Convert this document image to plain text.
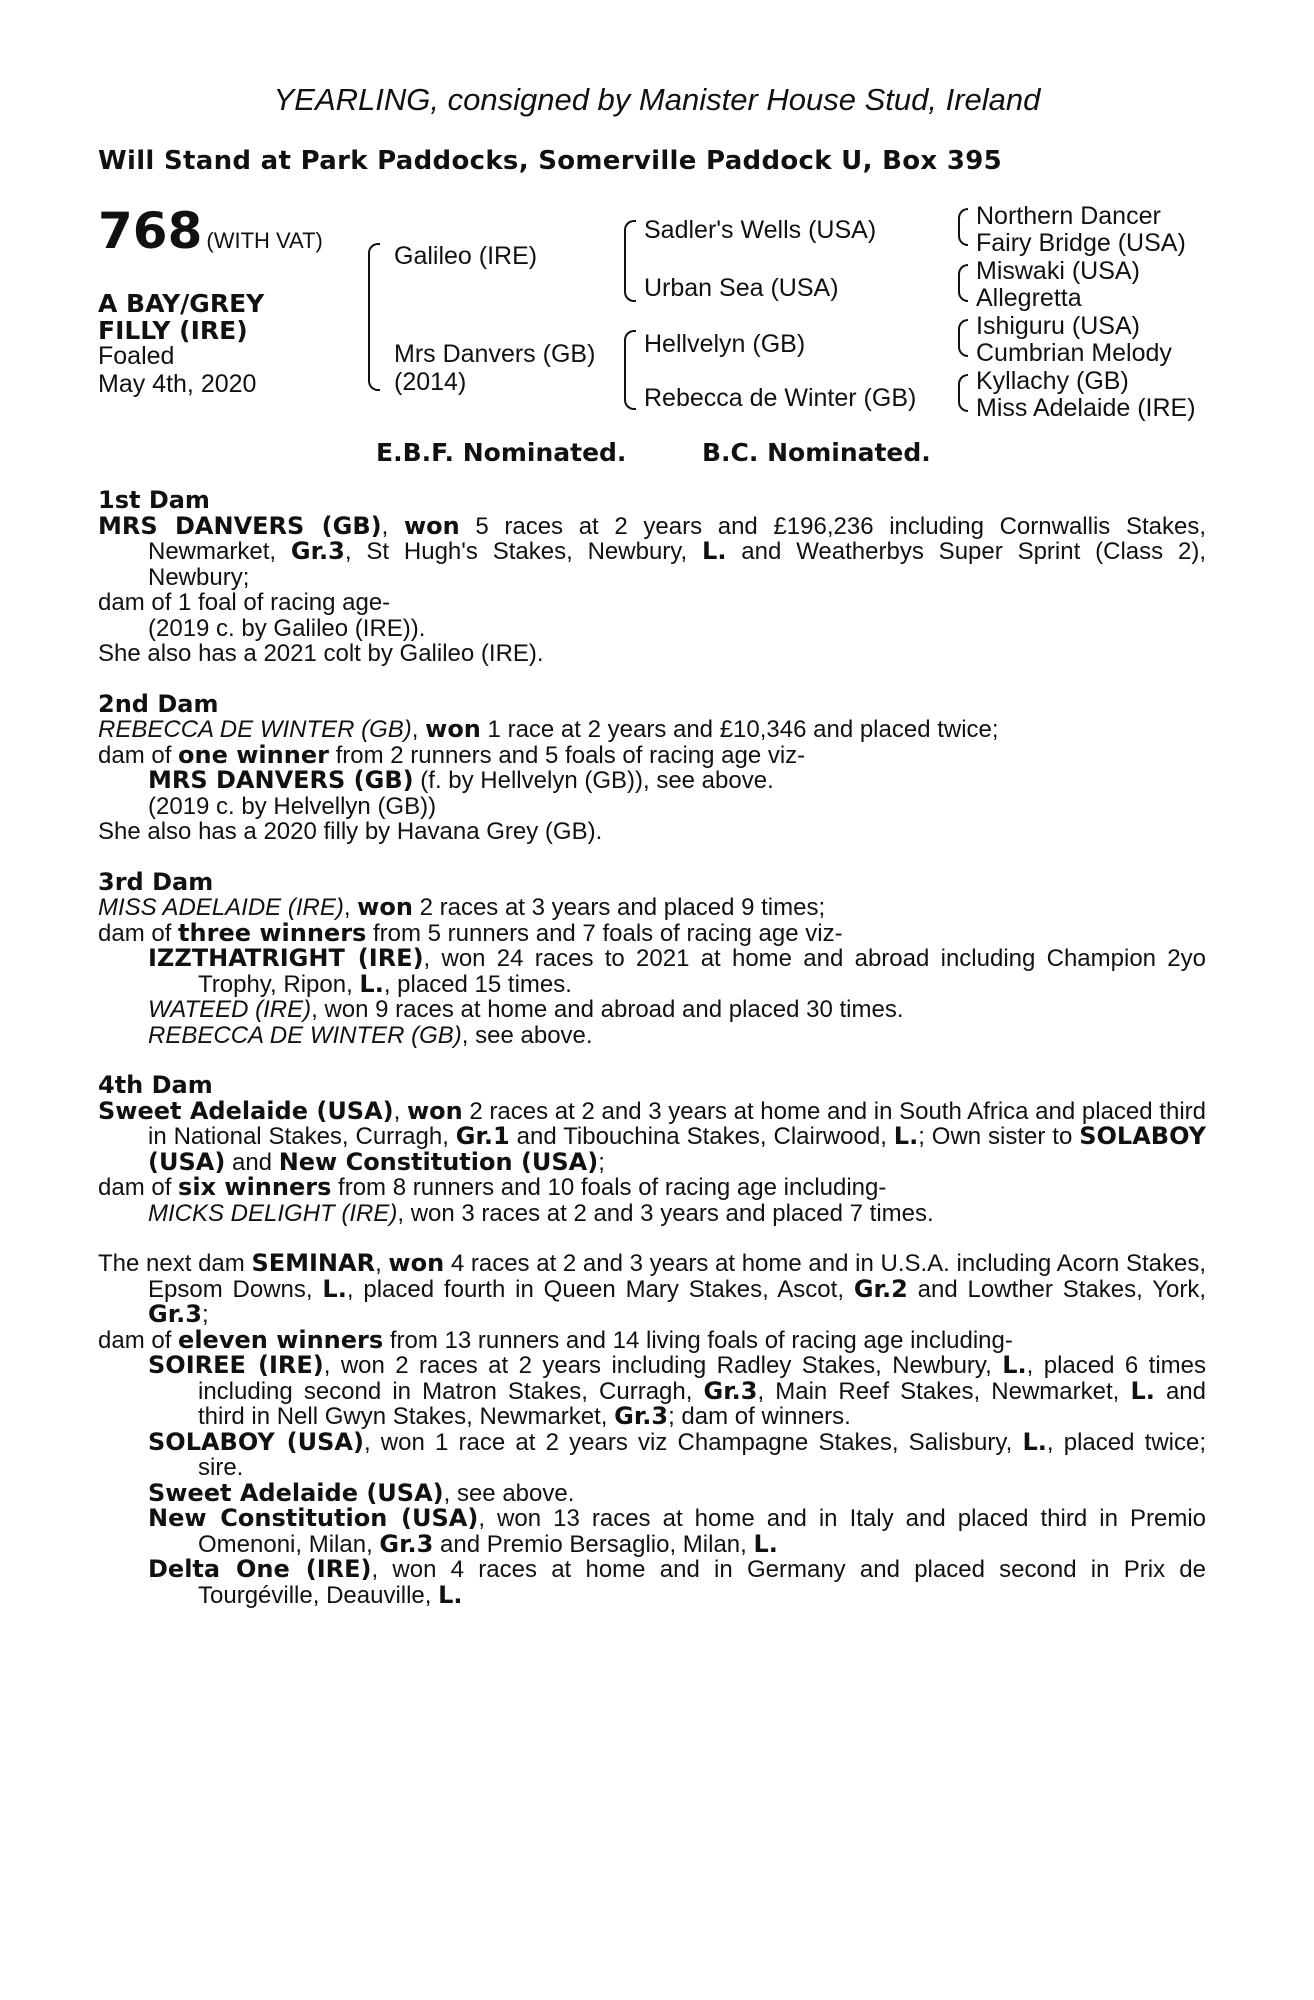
YEARLING, consigned by Manister House Stud, Ireland
Will Stand at Park Paddocks, Somerville Paddock U, Box 395
768 (WITH VAT)
A BAY/GREY
FILLY (IRE)
Foaled
May 4th, 2020
Galileo (IRE)
Mrs Danvers (GB)
(2014)
Sadler's Wells (USA)
Urban Sea (USA)
Hellvelyn (GB)
Rebecca de Winter (GB)
Northern Dancer
Fairy Bridge (USA)
Miswaki (USA)
Allegretta
Ishiguru (USA)
Cumbrian Melody
Kyllachy (GB)
Miss Adelaide (IRE)
E.B.F. Nominated.	B.C. Nominated.
1st Dam

MRS DANVERS (GB), won 5 races at 2 years and £196,236 including Cornwallis Stakes, Newmarket, Gr.3, St Hugh's Stakes, Newbury, L. and Weatherbys Super Sprint (Class 2), Newbury;

dam of 1 foal of racing age-

(2019 c. by Galileo (IRE)).

She also has a 2021 colt by Galileo (IRE).

2nd Dam

REBECCA DE WINTER (GB), won 1 race at 2 years and £10,346 and placed twice;

dam of one winner from 2 runners and 5 foals of racing age viz-

MRS DANVERS (GB) (f. by Hellvelyn (GB)), see above.

(2019 c. by Helvellyn (GB))

She also has a 2020 filly by Havana Grey (GB).

3rd Dam

MISS ADELAIDE (IRE), won 2 races at 3 years and placed 9 times;

dam of three winners from 5 runners and 7 foals of racing age viz-

IZZTHATRIGHT (IRE), won 24 races to 2021 at home and abroad including Champion 2yo Trophy, Ripon, L., placed 15 times.

WATEED (IRE), won 9 races at home and abroad and placed 30 times.

REBECCA DE WINTER (GB), see above.

4th Dam

Sweet Adelaide (USA), won 2 races at 2 and 3 years at home and in South Africa and placed third in National Stakes, Curragh, Gr.1 and Tibouchina Stakes, Clairwood, L.; Own sister to SOLABOY (USA) and New Constitution (USA);

dam of six winners from 8 runners and 10 foals of racing age including-

MICKS DELIGHT (IRE), won 3 races at 2 and 3 years and placed 7 times.

The next dam SEMINAR, won 4 races at 2 and 3 years at home and in U.S.A. including Acorn Stakes, Epsom Downs, L., placed fourth in Queen Mary Stakes, Ascot, Gr.2 and Lowther Stakes, York, Gr.3;

dam of eleven winners from 13 runners and 14 living foals of racing age including-

SOIREE (IRE), won 2 races at 2 years including Radley Stakes, Newbury, L., placed 6 times including second in Matron Stakes, Curragh, Gr.3, Main Reef Stakes, Newmarket, L. and third in Nell Gwyn Stakes, Newmarket, Gr.3; dam of winners.

SOLABOY (USA), won 1 race at 2 years viz Champagne Stakes, Salisbury, L., placed twice; sire.

Sweet Adelaide (USA), see above.

New Constitution (USA), won 13 races at home and in Italy and placed third in Premio Omenoni, Milan, Gr.3 and Premio Bersaglio, Milan, L.

Delta One (IRE), won 4 races at home and in Germany and placed second in Prix de Tourgéville, Deauville, L.
